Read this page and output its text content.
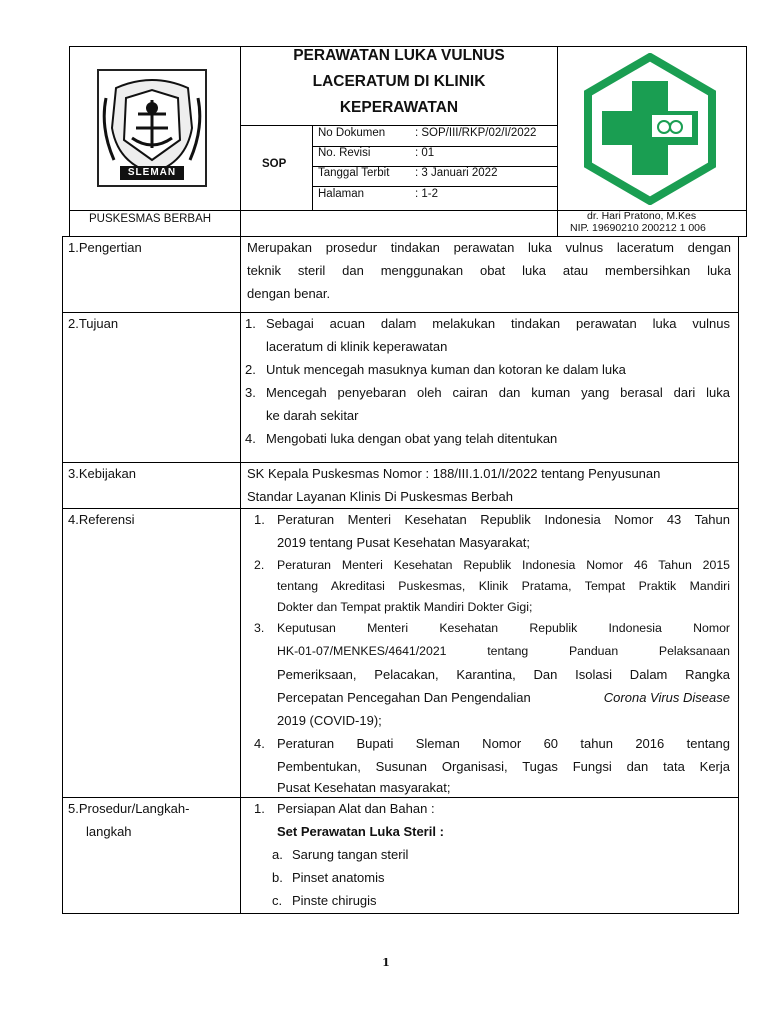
SLEMAN
PERAWATAN LUKA VULNUS
LACERATUM DI KLINIK
KEPERAWATAN
SOP
No Dokumen	: SOP/III/RKP/02/I/2022
No. Revisi	: 01
Tanggal Terbit : 3 Januari 2022
Halaman	: 1-2
PUSKESMAS BERBAH	dr. Hari Pratono, M.Kes
NIP. 19690210 200212 1 006
1.Pengertian	Merupakan prosedur tindakan perawatan luka vulnus laceratum dengan
teknik steril dan menggunakan obat luka atau membersihkan luka
dengan benar.
2.Tujuan	1. Sebagai acuan dalam melakukan tindakan perawatan luka vulnus
laceratum di klinik keperawatan
2. Untuk mencegah masuknya kuman dan kotoran ke dalam luka
3. Mencegah penyebaran oleh cairan dan kuman yang berasal dari luka
ke darah sekitar
4. Mengobati luka dengan obat yang telah ditentukan
3.Kebijakan	SK Kepala Puskesmas Nomor : 188/III.1.01/I/2022 tentang Penyusunan
Standar Layanan Klinis Di Puskesmas Berbah
4.Referensi	1. Peraturan Menteri Kesehatan Republik Indonesia Nomor 43 Tahun
2019 tentang Pusat Kesehatan Masyarakat;
2. Peraturan Menteri Kesehatan Republik Indonesia Nomor 46 Tahun 2015
tentang Akreditasi Puskesmas, Klinik Pratama, Tempat Praktik Mandiri
Dokter dan Tempat praktik Mandiri Dokter Gigi;
3. Keputusan Menteri Kesehatan Republik Indonesia Nomor
HK-01-07/MENKES/4641/2021 tentang Panduan Pelaksanaan
Pemeriksaan, Pelacakan, Karantina, Dan Isolasi Dalam Rangka
Percepatan Pencegahan Dan Pengendalian	Corona Virus Disease
2019 (COVID-19);
4. Peraturan Bupati Sleman Nomor 60 tahun 2016 tentang
Pembentukan, Susunan Organisasi, Tugas Fungsi dan tata Kerja
Pusat Kesehatan masyarakat;
5.Prosedur/Langkah-
langkah
1. Persiapan Alat dan Bahan :
Set Perawatan Luka Steril :
a. Sarung tangan steril
b. Pinset anatomis
c. Pinste chirugis
1
